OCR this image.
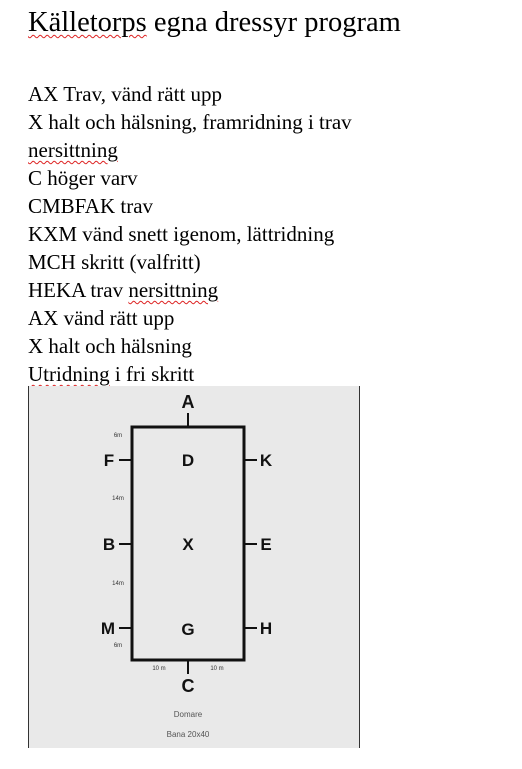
Källetorps egna dressyr program
AX Trav, vänd rätt upp
X halt och hälsning, framridning i trav
nersittning
C höger varv
CMBFAK trav
KXM vänd snett igenom, lättridning
MCH skritt (valfritt)
HEKA trav nersittning
AX vänd rätt upp
X halt och hälsning
Utridning i fri skritt
A
C
F
B
M
K
E
H
D
X
G
6m
14m
14m
6m
10 m	10 m
Domare
Bana 20x40
